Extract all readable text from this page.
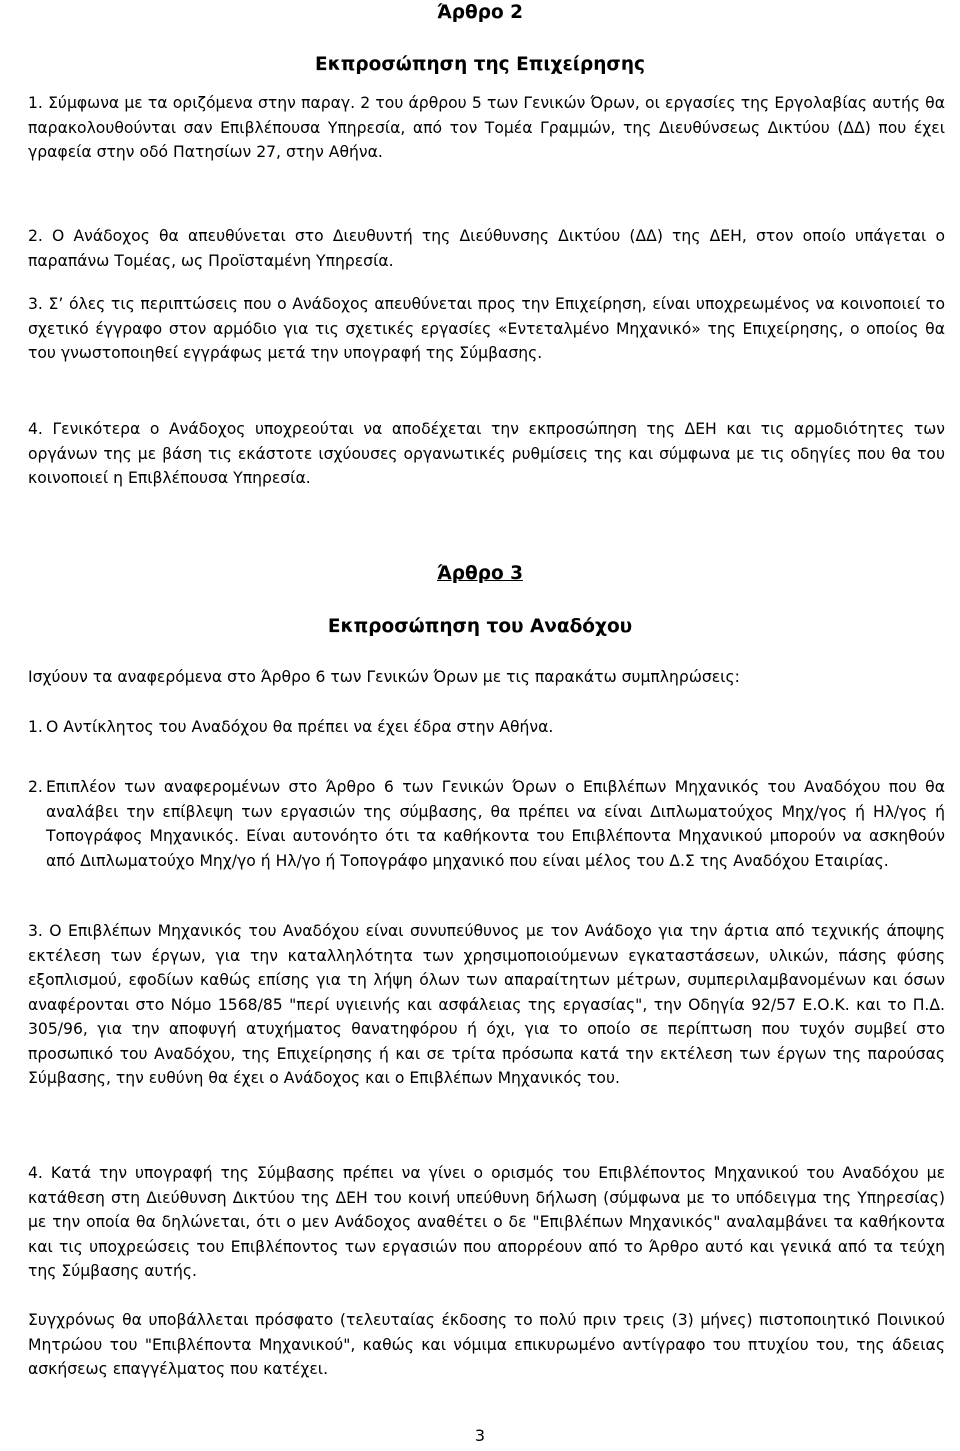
Άρθρο 2
Εκπροσώπηση της Επιχείρησης

1. Σύμφωνα με τα οριζόμενα στην παραγ. 2 του άρθρου 5 των Γενικών Όρων, οι εργασίες της Εργολαβίας αυτής θα παρακολουθούνται σαν Επιβλέπουσα Υπηρεσία, από τον Τομέα Γραμμών, της Διευθύνσεως Δικτύου (ΔΔ) που έχει γραφεία στην οδό Πατησίων 27, στην Αθήνα.

2. Ο Ανάδοχος θα απευθύνεται στο Διευθυντή της Διεύθυνσης Δικτύου (ΔΔ) της ΔΕΗ, στον οποίο υπάγεται ο παραπάνω Τομέας, ως Προϊσταμένη Υπηρεσία.

3. Σ’ όλες τις περιπτώσεις που ο Ανάδοχος απευθύνεται προς την Επιχείρηση, είναι υποχρεωμένος να κοινοποιεί το σχετικό έγγραφο στον αρμόδιο για τις σχετικές εργασίες «Εντεταλμένο Μηχανικό» της Επιχείρησης, ο οποίος θα του γνωστοποιηθεί εγγράφως μετά την υπογραφή της Σύμβασης.

4. Γενικότερα ο Ανάδοχος υποχρεούται να αποδέχεται την εκπροσώπηση της ΔΕΗ και τις αρμοδιότητες των οργάνων της με βάση τις εκάστοτε ισχύουσες οργανωτικές ρυθμίσεις της και σύμφωνα με τις οδηγίες που θα του κοινοποιεί η Επιβλέπουσα Υπηρεσία.

Άρθρο 3
Εκπροσώπηση του Αναδόχου

Ισχύουν τα αναφερόμενα στο Άρθρο 6 των Γενικών Όρων με τις παρακάτω συμπληρώσεις:

1. Ο Αντίκλητος του Αναδόχου θα πρέπει να έχει έδρα στην Αθήνα.

2. Επιπλέον των αναφερομένων στο Άρθρο 6 των Γενικών Όρων ο Επιβλέπων Μηχανικός του Αναδόχου που θα αναλάβει την επίβλεψη των εργασιών της σύμβασης, θα πρέπει να είναι Διπλωματούχος Μηχ/γος ή Ηλ/γος ή Τοπογράφος Μηχανικός. Είναι αυτονόητο ότι τα καθήκοντα του Επιβλέποντα Μηχανικού μπορούν να ασκηθούν από Διπλωματούχο Μηχ/γο ή Ηλ/γο ή Τοπογράφο μηχανικό που είναι μέλος του Δ.Σ της Αναδόχου Εταιρίας.

3. Ο Επιβλέπων Μηχανικός του Αναδόχου είναι συνυπεύθυνος με τον Ανάδοχο για την άρτια από τεχνικής άποψης εκτέλεση των έργων, για την καταλληλότητα των χρησιμοποιούμενων εγκαταστάσεων, υλικών, πάσης φύσης εξοπλισμού, εφοδίων καθώς επίσης για τη λήψη όλων των απαραίτητων μέτρων, συμπεριλαμβανομένων και όσων αναφέρονται στο Νόμο 1568/85 "περί υγιεινής και ασφάλειας της εργασίας", την Οδηγία 92/57 Ε.Ο.Κ. και το Π.Δ. 305/96, για την αποφυγή ατυχήματος θανατηφόρου ή όχι, για το οποίο σε περίπτωση που τυχόν συμβεί στο προσωπικό του Αναδόχου, της Επιχείρησης ή και σε τρίτα πρόσωπα κατά την εκτέλεση των έργων της παρούσας Σύμβασης, την ευθύνη θα έχει ο Ανάδοχος και ο Επιβλέπων Μηχανικός του.

4. Κατά την υπογραφή της Σύμβασης πρέπει να γίνει ο ορισμός του Επιβλέποντος Μηχανικού του Αναδόχου με κατάθεση στη Διεύθυνση Δικτύου της ΔΕΗ του κοινή υπεύθυνη δήλωση (σύμφωνα με το υπόδειγμα της Υπηρεσίας) με την οποία θα δηλώνεται, ότι ο μεν Ανάδοχος αναθέτει ο δε "Επιβλέπων Μηχανικός" αναλαμβάνει τα καθήκοντα και τις υποχρεώσεις του Επιβλέποντος των εργασιών που απορρέουν από το Άρθρο αυτό και γενικά από τα τεύχη της Σύμβασης αυτής.

Συγχρόνως θα υποβάλλεται πρόσφατο (τελευταίας έκδοσης το πολύ πριν τρεις (3) μήνες) πιστοποιητικό Ποινικού Μητρώου του "Επιβλέποντα Μηχανικού", καθώς και νόμιμα επικυρωμένο αντίγραφο του πτυχίου του, της άδειας ασκήσεως επαγγέλματος που κατέχει.

3
